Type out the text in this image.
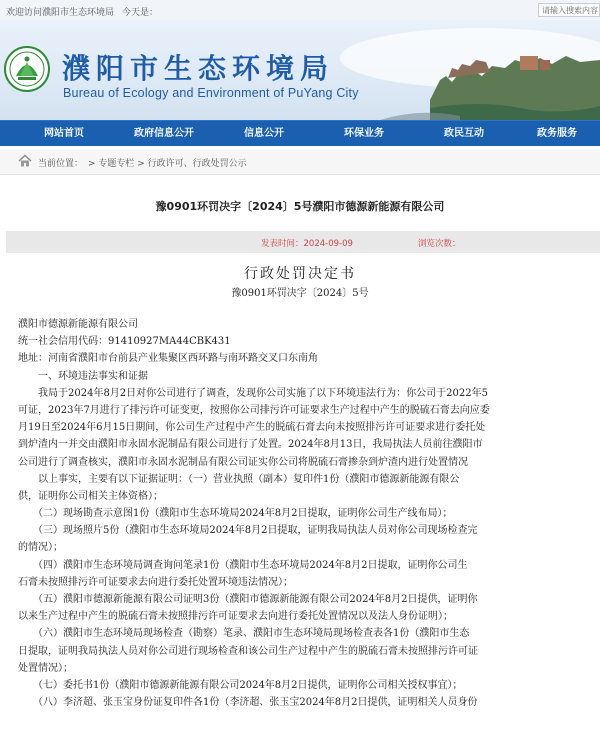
欢迎访问濮阳市生态环境局 今天是：	请输入搜索内容
濮阳市生态环境局
Bureau of Ecology and Environment of PuYang City
网站首页	政府信息公开	信息公开	环保业务	政民互动	政务服务
当前位置： > 专题专栏 > 行政许可、行政处罚公示
豫0901环罚决字〔2024〕5号濮阳市德源新能源有限公司
发表时间：2024-09-09	浏览次数：
行政处罚决定书
豫0901环罚决字〔2024〕5号
濮阳市德源新能源有限公司
统一社会信用代码：91410927MA44CBK431
地址：河南省濮阳市台前县产业集聚区西环路与南环路交叉口东南角
　　一、环境违法事实和证据
　　我局于2024年8月2日对你公司进行了调查，发现你公司实施了以下环境违法行为：你公司于2022年5
可证，2023年7月进行了排污许可证变更，按照你公司排污许可证要求生产过程中产生的脱硫石膏去向应委
月19日至2024年6月15日期间，你公司生产过程中产生的脱硫石膏去向未按照排污许可证要求进行委托处
到炉渣内一并交由濮阳市永固水泥制品有限公司进行了处置。2024年8月13日，我局执法人员前往濮阳市
公司进行了调查核实，濮阳市永固水泥制品有限公司证实你公司将脱硫石膏掺杂到炉渣内进行处置情况
　　以上事实，主要有以下证据证明：（一）营业执照（副本）复印件1份（濮阳市德源新能源有限公
供，证明你公司相关主体资格）；
　　（二）现场勘查示意图1份（濮阳市生态环境局2024年8月2日提取，证明你公司生产线布局）；
　　（三）现场照片5份（濮阳市生态环境局2024年8月2日提取，证明我局执法人员对你公司现场检查完
的情况）；
　　（四）濮阳市生态环境局调查询问笔录1份（濮阳市生态环境局2024年8月2日提取，证明你公司生
石膏未按照排污许可证要求去向进行委托处置环境违法情况）；
　　（五）濮阳市德源新能源有限公司证明3份（濮阳市德源新能源有限公司2024年8月2日提供，证明你
以来生产过程中产生的脱硫石膏未按照排污许可证要求去向进行委托处置情况以及法人身份证明）；
　　（六）濮阳市生态环境局现场检查（勘察）笔录、濮阳市生态环境局现场检查表各1份（濮阳市生态
日提取，证明我局执法人员对你公司进行现场检查和该公司生产过程中产生的脱硫石膏未按照排污许可证
处置情况）；
　　（七）委托书1份（濮阳市德源新能源有限公司2024年8月2日提供，证明你公司相关授权事宜）；
　　（八）李济超、张玉宝身份证复印件各1份（李济超、张玉宝2024年8月2日提供，证明相关人员身份
